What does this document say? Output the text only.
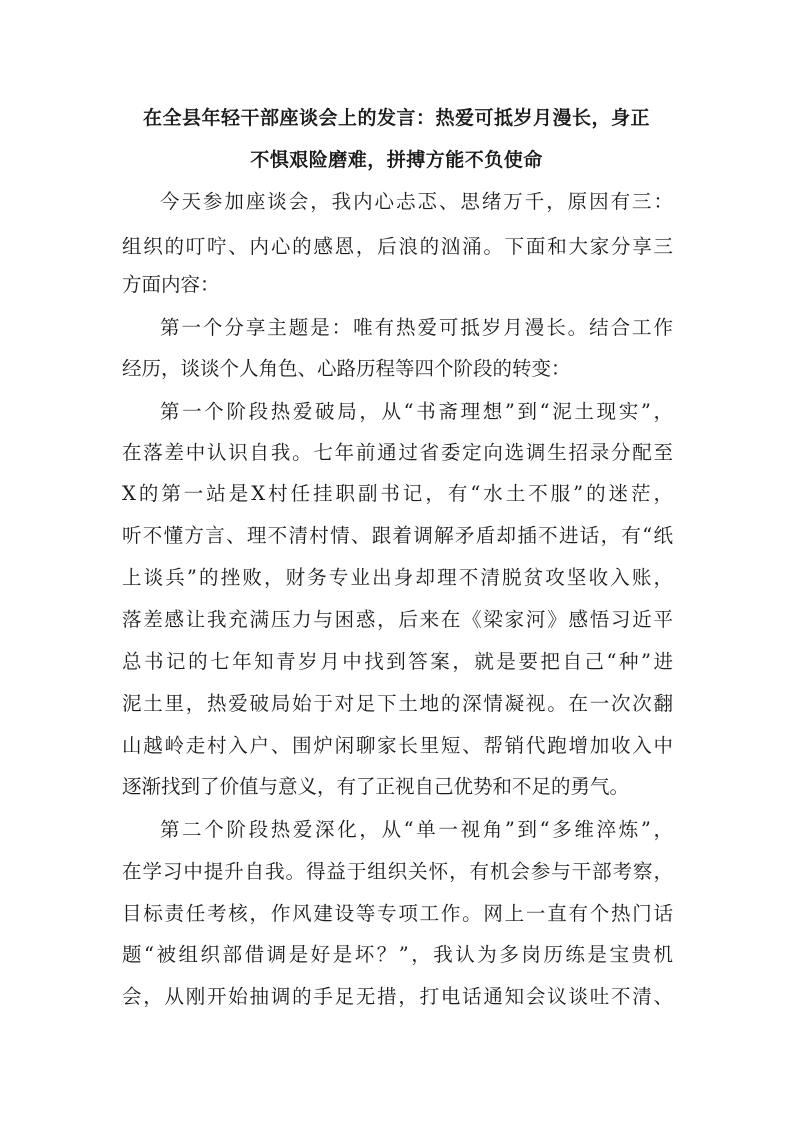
在全县年轻干部座谈会上的发言：热爱可抵岁月漫长，身正
不惧艰险磨难，拼搏方能不负使命
今天参加座谈会，我内心忐忑、思绪万千，原因有三：
组织的叮咛、内心的感恩，后浪的汹涌。下面和大家分享三
方面内容：
第一个分享主题是：唯有热爱可抵岁月漫长。结合工作
经历，谈谈个人角色、心路历程等四个阶段的转变：
第一个阶段热爱破局，从“书斋理想”到“泥土现实”，
在落差中认识自我。七年前通过省委定向选调生招录分配至
X的第一站是X村任挂职副书记，有“水土不服”的迷茫，
听不懂方言、理不清村情、跟着调解矛盾却插不进话，有“纸
上谈兵”的挫败，财务专业出身却理不清脱贫攻坚收入账，
落差感让我充满压力与困惑，后来在《梁家河》感悟习近平
总书记的七年知青岁月中找到答案，就是要把自己“种”进
泥土里，热爱破局始于对足下土地的深情凝视。在一次次翻
山越岭走村入户、围炉闲聊家长里短、帮销代跑增加收入中
逐渐找到了价值与意义，有了正视自己优势和不足的勇气。
第二个阶段热爱深化，从“单一视角”到“多维淬炼”，
在学习中提升自我。得益于组织关怀，有机会参与干部考察，
目标责任考核，作风建设等专项工作。网上一直有个热门话
题“被组织部借调是好是坏？”，我认为多岗历练是宝贵机
会，从刚开始抽调的手足无措，打电话通知会议谈吐不清、
